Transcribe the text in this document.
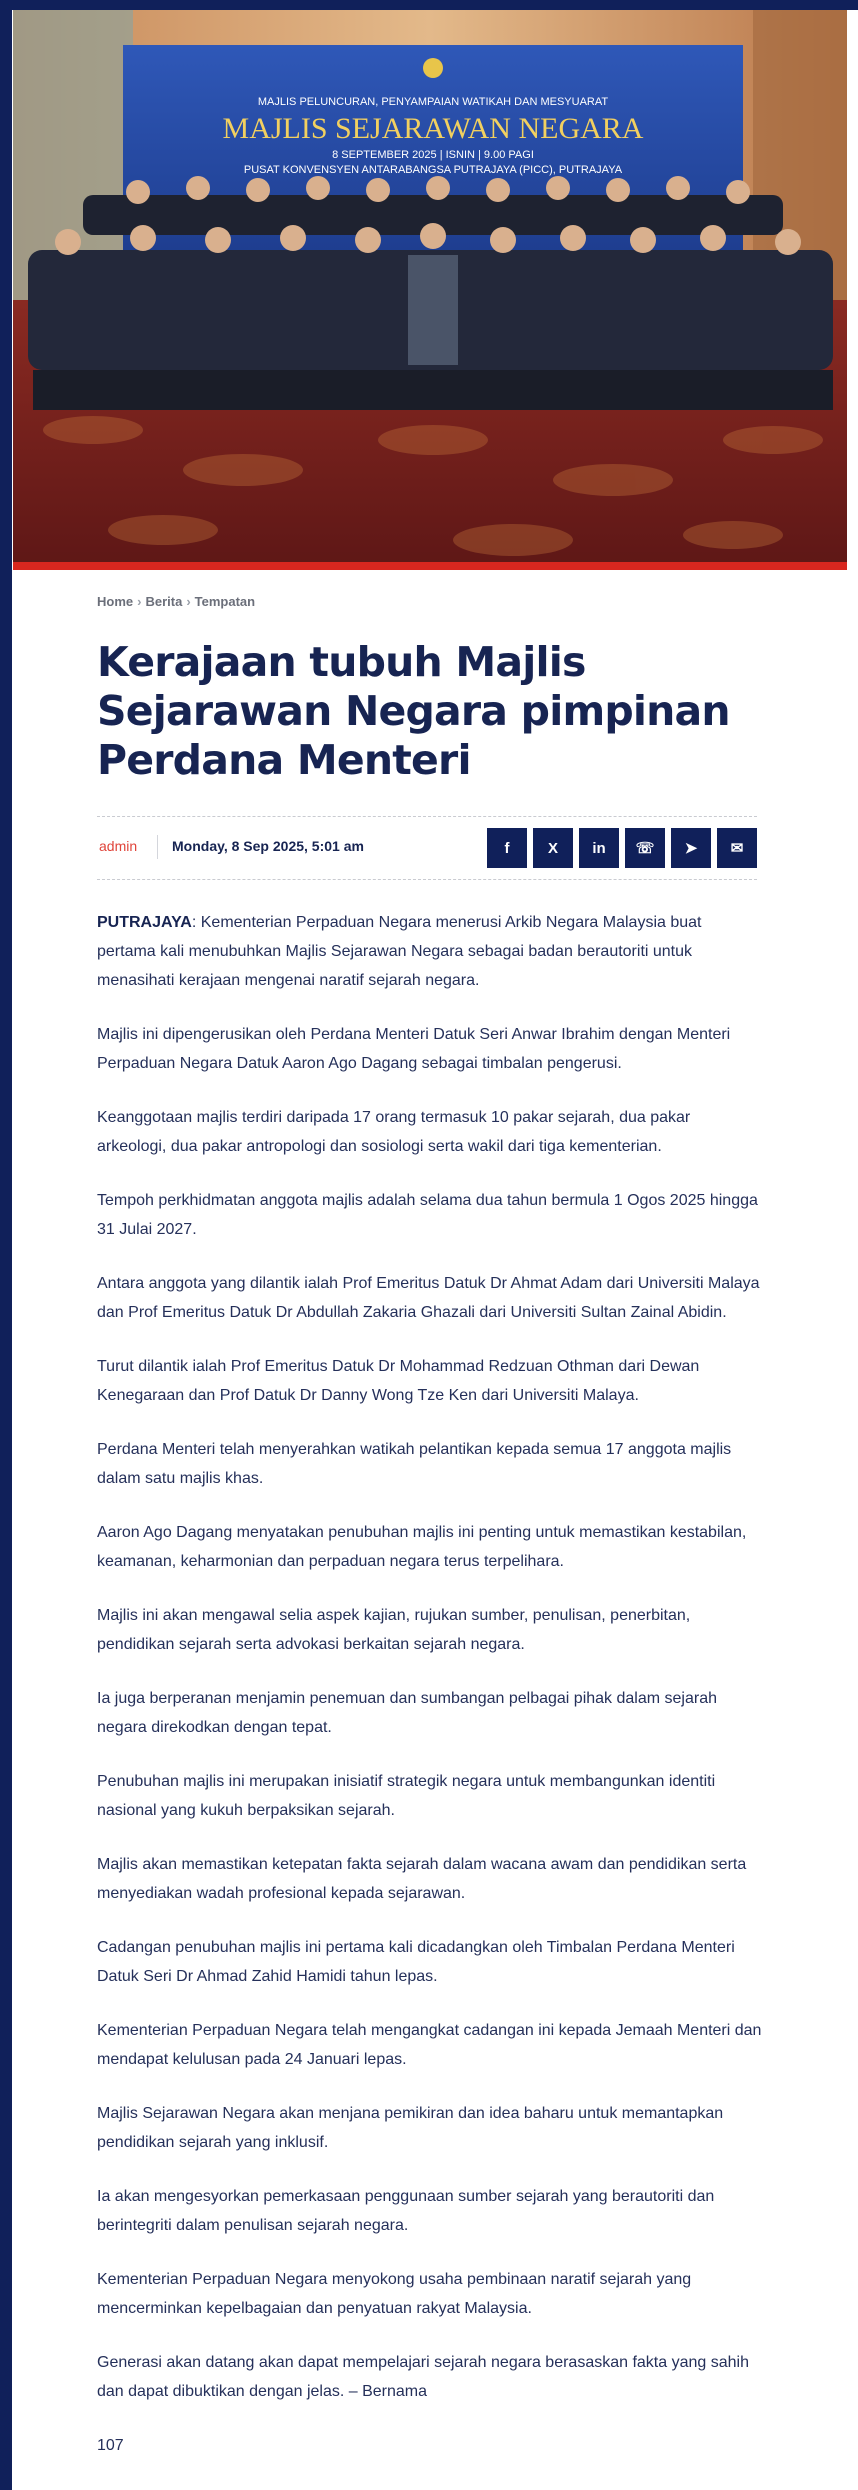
MAJLIS PELUNCURAN, PENYAMPAIAN WATIKAH DAN MESYUARAT
MAJLIS SEJARAWAN NEGARA
8 SEPTEMBER 2025 | ISNIN | 9.00 PAGI
PUSAT KONVENSYEN ANTARABANGSA PUTRAJAYA (PICC), PUTRAJAYA
Home › Berita › Tempatan
Kerajaan tubuh Majlis Sejarawan Negara pimpinan Perdana Menteri
admin Monday, 8 Sep 2025, 5:01 am	f	X in ☏ ➤ ✉

PUTRAJAYA: Kementerian Perpaduan Negara menerusi Arkib Negara Malaysia buat pertama kali menubuhkan Majlis Sejarawan Negara sebagai badan berautoriti untuk menasihati kerajaan mengenai naratif sejarah negara.

Majlis ini dipengerusikan oleh Perdana Menteri Datuk Seri Anwar Ibrahim dengan Menteri Perpaduan Negara Datuk Aaron Ago Dagang sebagai timbalan pengerusi.

Keanggotaan majlis terdiri daripada 17 orang termasuk 10 pakar sejarah, dua pakar arkeologi, dua pakar antropologi dan sosiologi serta wakil dari tiga kementerian.

Tempoh perkhidmatan anggota majlis adalah selama dua tahun bermula 1 Ogos 2025 hingga 31 Julai 2027.

Antara anggota yang dilantik ialah Prof Emeritus Datuk Dr Ahmat Adam dari Universiti Malaya dan Prof Emeritus Datuk Dr Abdullah Zakaria Ghazali dari Universiti Sultan Zainal Abidin.

Turut dilantik ialah Prof Emeritus Datuk Dr Mohammad Redzuan Othman dari Dewan Kenegaraan dan Prof Datuk Dr Danny Wong Tze Ken dari Universiti Malaya.

Perdana Menteri telah menyerahkan watikah pelantikan kepada semua 17 anggota majlis dalam satu majlis khas.

Aaron Ago Dagang menyatakan penubuhan majlis ini penting untuk memastikan kestabilan, keamanan, keharmonian dan perpaduan negara terus terpelihara.

Majlis ini akan mengawal selia aspek kajian, rujukan sumber, penulisan, penerbitan, pendidikan sejarah serta advokasi berkaitan sejarah negara.

Ia juga berperanan menjamin penemuan dan sumbangan pelbagai pihak dalam sejarah negara direkodkan dengan tepat.

Penubuhan majlis ini merupakan inisiatif strategik negara untuk membangunkan identiti nasional yang kukuh berpaksikan sejarah.

Majlis akan memastikan ketepatan fakta sejarah dalam wacana awam dan pendidikan serta menyediakan wadah profesional kepada sejarawan.

Cadangan penubuhan majlis ini pertama kali dicadangkan oleh Timbalan Perdana Menteri Datuk Seri Dr Ahmad Zahid Hamidi tahun lepas.

Kementerian Perpaduan Negara telah mengangkat cadangan ini kepada Jemaah Menteri dan mendapat kelulusan pada 24 Januari lepas.

Majlis Sejarawan Negara akan menjana pemikiran dan idea baharu untuk memantapkan pendidikan sejarah yang inklusif.

Ia akan mengesyorkan pemerkasaan penggunaan sumber sejarah yang berautoriti dan berintegriti dalam penulisan sejarah negara.

Kementerian Perpaduan Negara menyokong usaha pembinaan naratif sejarah yang mencerminkan kepelbagaian dan penyatuan rakyat Malaysia.

Generasi akan datang akan dapat mempelajari sejarah negara berasaskan fakta yang sahih dan dapat dibuktikan dengan jelas. – Bernama

107
